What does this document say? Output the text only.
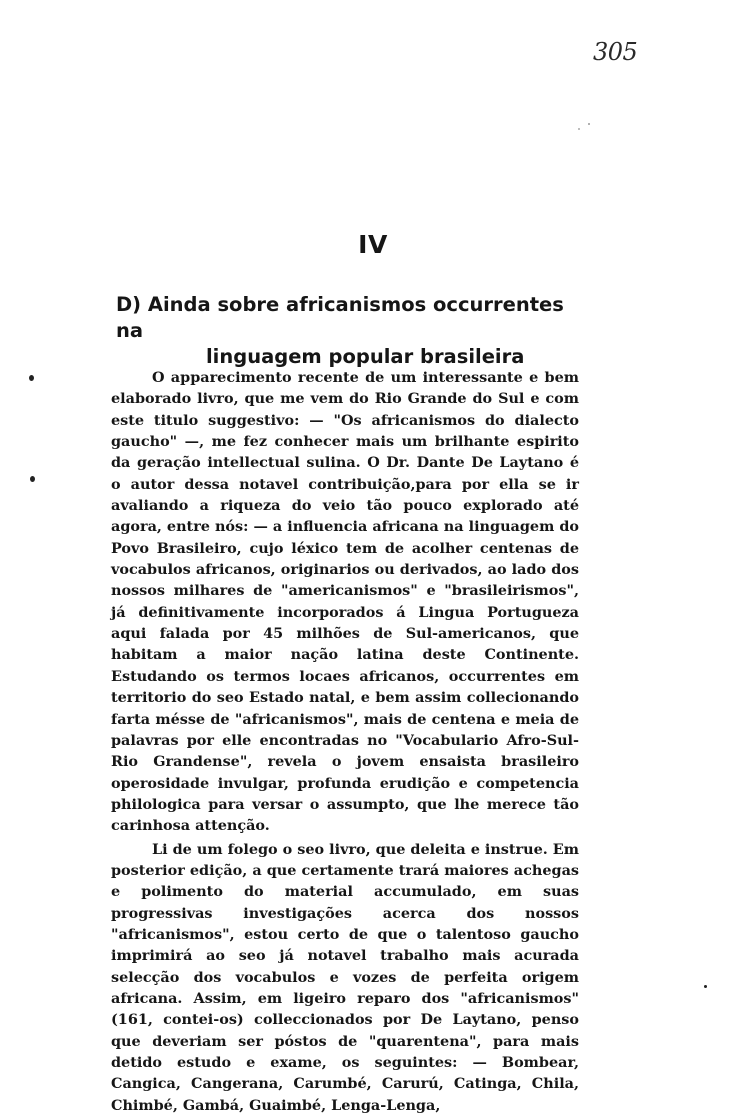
305
IV
D) Ainda sobre africanismos occurrentes na
linguagem popular brasileira

O apparecimento recente de um interessante e bem elaborado livro, que me vem do Rio Grande do Sul e com este titulo suggestivo: — "Os africanismos do dialecto gaucho" —, me fez conhecer mais um brilhante espirito da geração intellectual sulina. O Dr. Dante De Laytano é o autor dessa notavel contribuição,para por ella se ir avaliando a riqueza do veio tão pouco explorado até agora, entre nós: — a influencia africana na linguagem do Povo Brasileiro, cujo léxico tem de acolher centenas de vocabulos africanos, originarios ou derivados, ao lado dos nossos milhares de "americanismos" e "brasileirismos", já definitivamente incorporados á Lingua Portugueza aqui falada por 45 milhões de Sul-americanos, que habitam a maior nação latina deste Continente. Estudando os termos locaes africanos, occurrentes em territorio do seo Estado natal, e bem assim collecionando farta mésse de "africanismos", mais de centena e meia de palavras por elle encontradas no "Vocabulario Afro-Sul-Rio Grandense", revela o jovem ensaista brasileiro operosidade invulgar, profunda erudição e competencia philologica para versar o assumpto, que lhe merece tão carinhosa attenção.

Li de um folego o seo livro, que deleita e instrue. Em posterior edição, a que certamente trará maiores achegas e polimento do material accumulado, em suas progressivas investigações acerca dos nossos "africanismos", estou certo de que o talentoso gaucho imprimirá ao seo já notavel trabalho mais acurada selecção dos vocabulos e vozes de perfeita origem africana. Assim, em ligeiro reparo dos "africanismos" (161, contei-os) colleccionados por De Laytano, penso que deveriam ser póstos de "quarentena", para mais detido estudo e exame, os seguintes: — Bombear, Cangica, Cangerana, Carumbé, Carurú, Catinga, Chila, Chimbé, Gambá, Guaimbé, Lenga-Lenga,
